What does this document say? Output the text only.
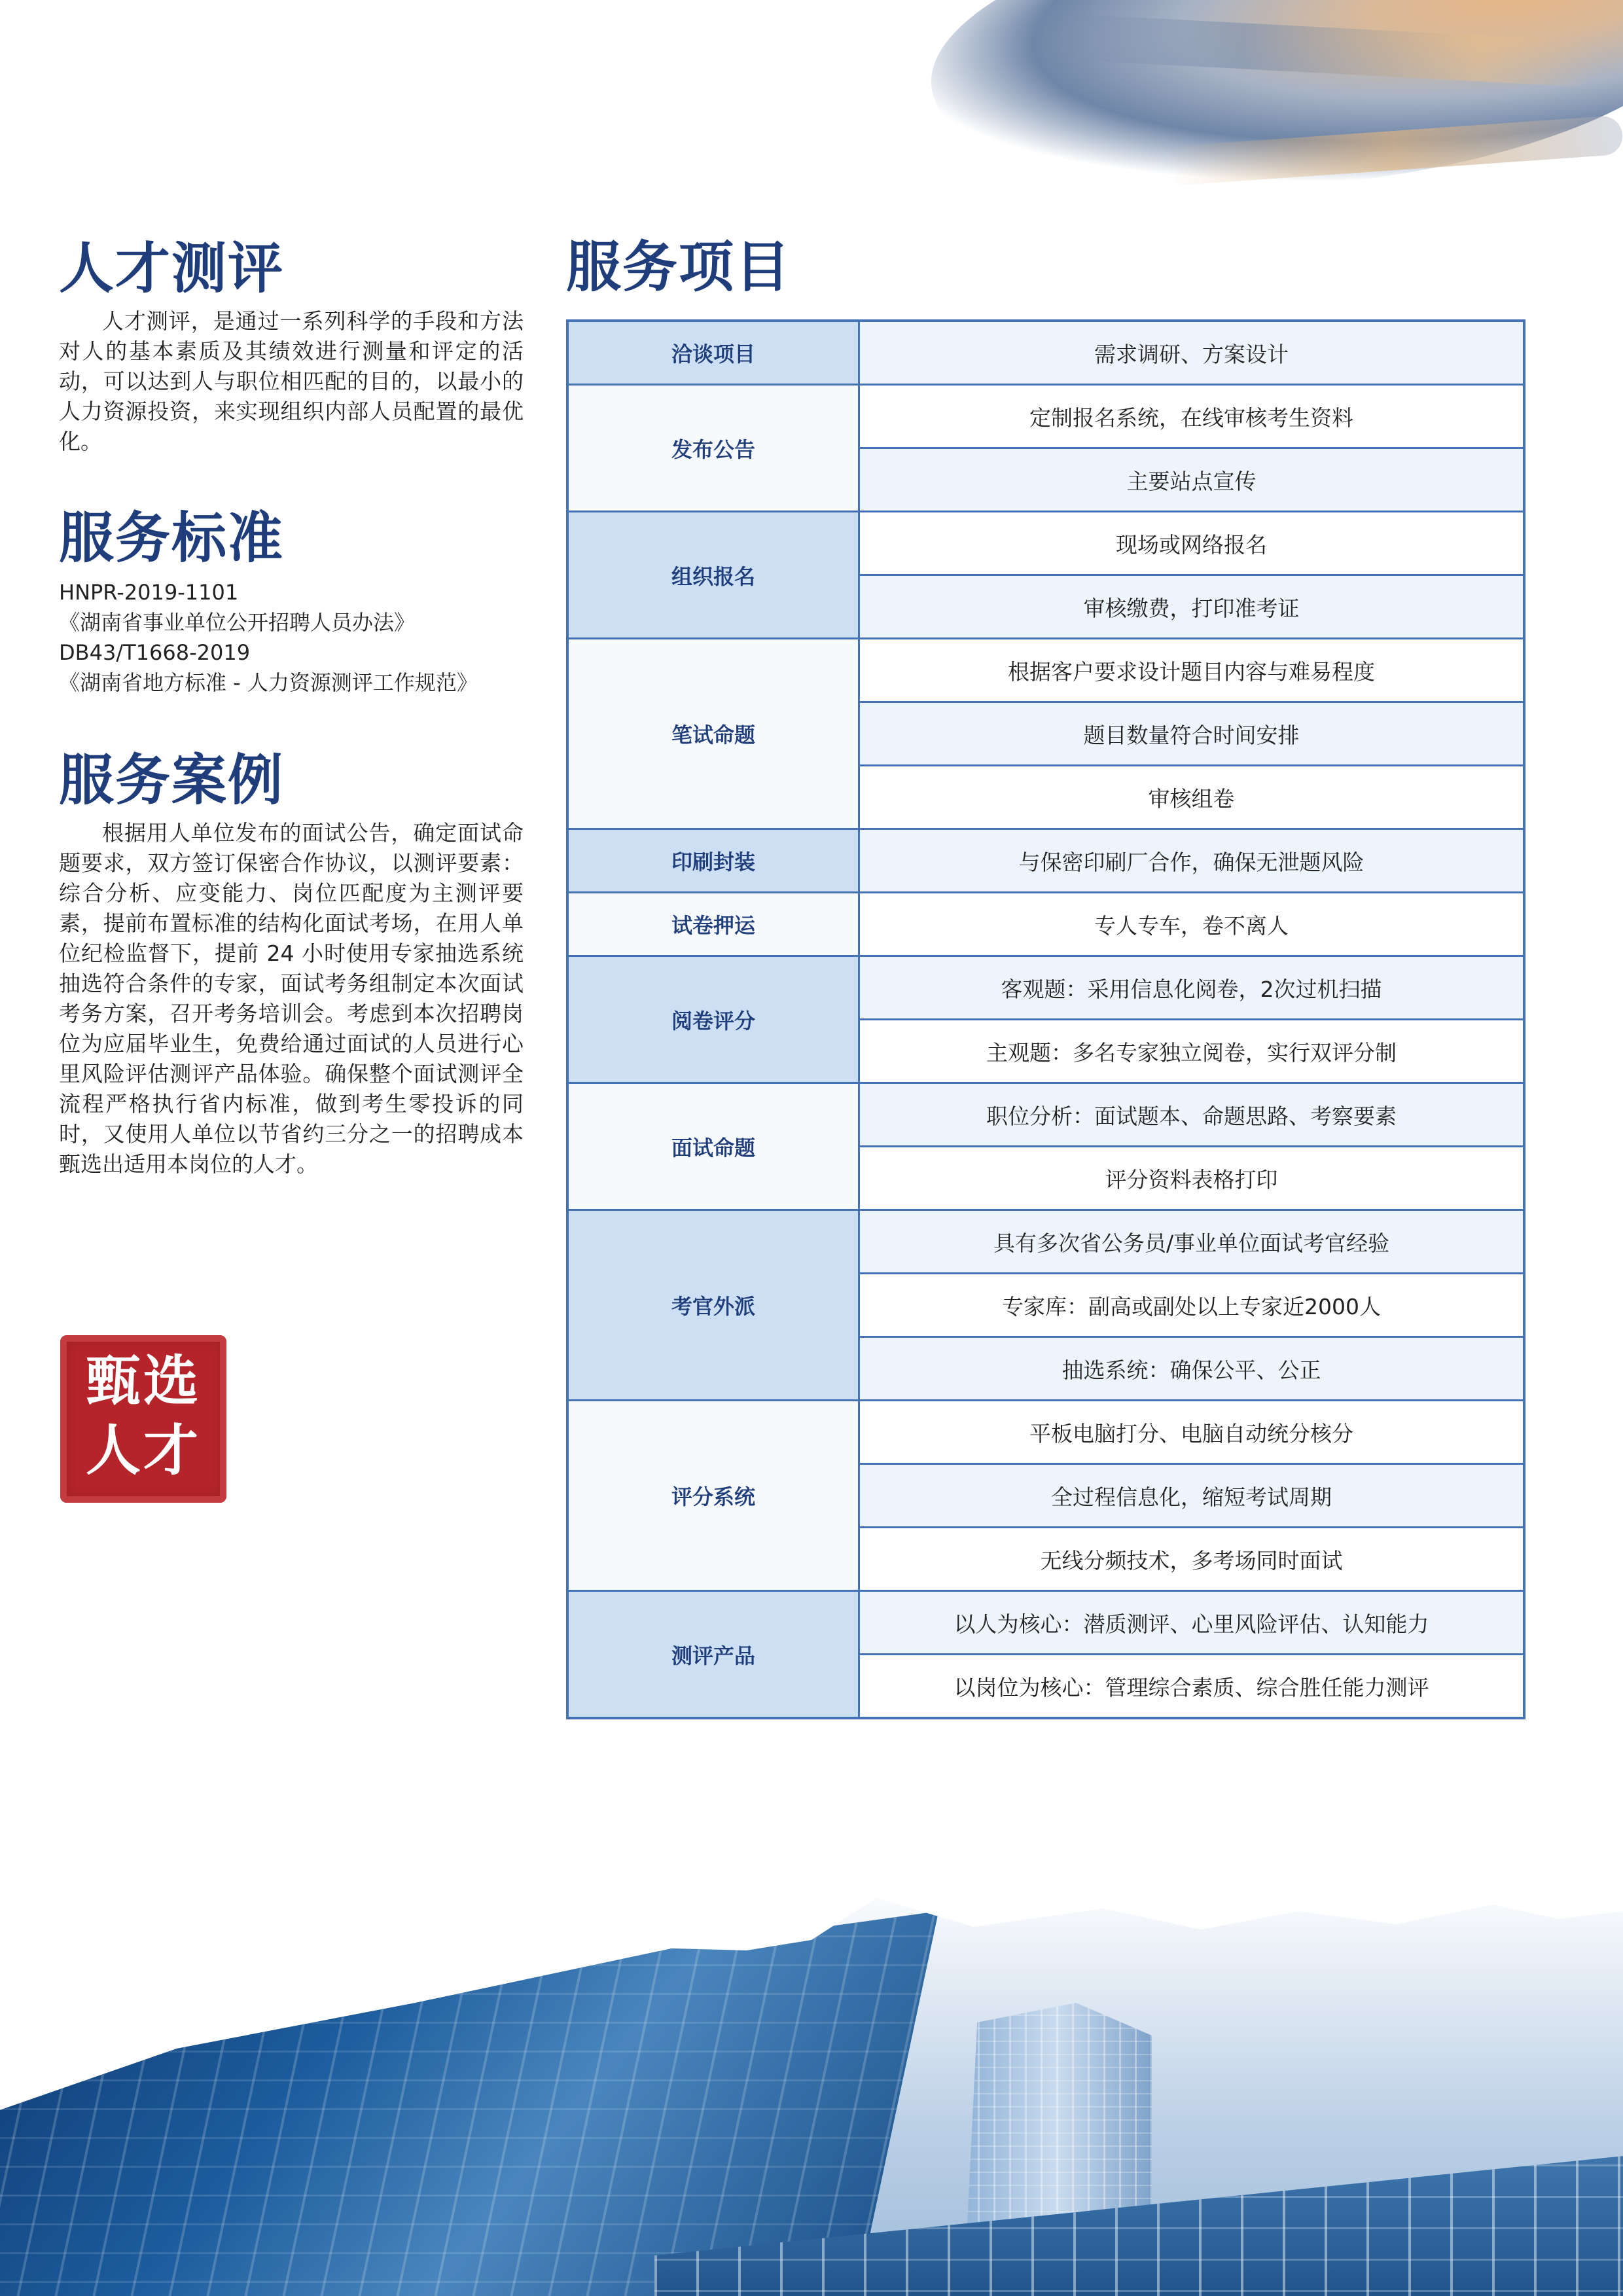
人才测评

人才测评，是通过一系列科学的手段和方法对人的基本素质及其绩效进行测量和评定的活动，可以达到人与职位相匹配的目的，以最小的人力资源投资，来实现组织内部人员配置的最优化。

服务标准
HNPR-2019-1101
《湖南省事业单位公开招聘人员办法》
DB43/T1668-2019
《湖南省地方标准 - 人力资源测评工作规范》
服务案例

根据用人单位发布的面试公告，确定面试命题要求，双方签订保密合作协议，以测评要素：综合分析、应变能力、岗位匹配度为主测评要素，提前布置标准的结构化面试考场，在用人单位纪检监督下，提前 24 小时使用专家抽选系统抽选符合条件的专家，面试考务组制定本次面试考务方案，召开考务培训会。考虑到本次招聘岗位为应届毕业生，免费给通过面试的人员进行心里风险评估测评产品体验。确保整个面试测评全流程严格执行省内标准，做到考生零投诉的同时，又使用人单位以节省约三分之一的招聘成本甄选出适用本岗位的人才。

甄选
人才
服务项目
洽谈项目	需求调研、方案设计
发布公告	定制报名系统，在线审核考生资料
	主要站点宣传
组织报名	现场或网络报名
	审核缴费，打印准考证
笔试命题	根据客户要求设计题目内容与难易程度
	题目数量符合时间安排
	审核组卷
印刷封装	与保密印刷厂合作，确保无泄题风险
试卷押运	专人专车，卷不离人
阅卷评分	客观题：采用信息化阅卷，2次过机扫描
	主观题：多名专家独立阅卷，实行双评分制
面试命题	职位分析：面试题本、命题思路、考察要素
	评分资料表格打印
考官外派	具有多次省公务员/事业单位面试考官经验
	专家库：副高或副处以上专家近2000人
	抽选系统：确保公平、公正
评分系统	平板电脑打分、电脑自动统分核分
	全过程信息化，缩短考试周期
	无线分频技术，多考场同时面试
测评产品	以人为核心：潜质测评、心里风险评估、认知能力
	以岗位为核心：管理综合素质、综合胜任能力测评
